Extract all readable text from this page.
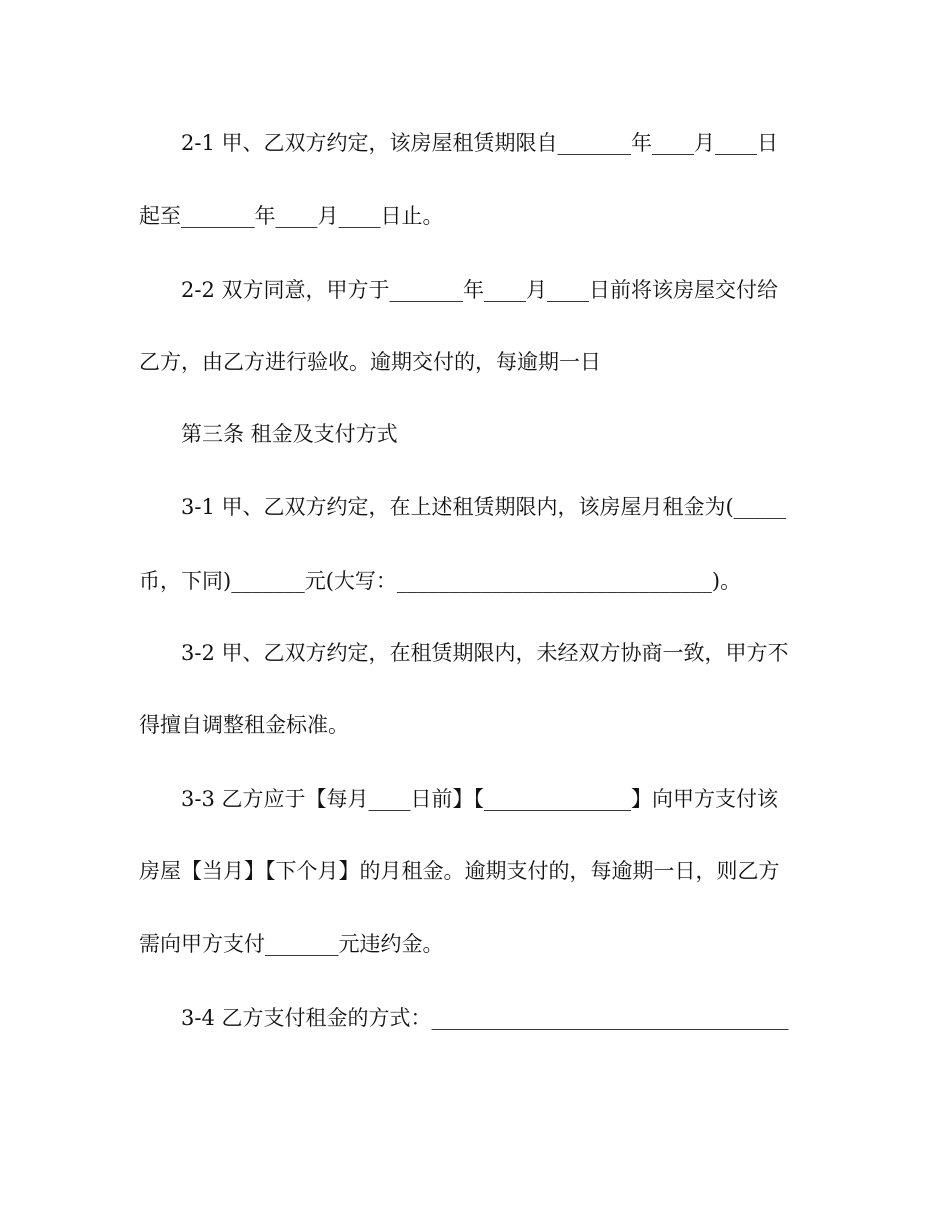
2-1 甲、乙双方约定，该房屋租赁期限自_______年____月____日
起至_______年____月____日止。
2-2 双方同意，甲方于_______年____月____日前将该房屋交付给
乙方，由乙方进行验收。逾期交付的，每逾期一日
第三条 租金及支付方式
3-1 甲、乙双方约定，在上述租赁期限内，该房屋月租金为(_____
币，下同)_______元(大写：______________________________)。
3-2 甲、乙双方约定，在租赁期限内，未经双方协商一致，甲方不
得擅自调整租金标准。
3-3 乙方应于【每月____日前】【______________】向甲方支付该
房屋【当月】【下个月】的月租金。逾期支付的，每逾期一日，则乙方
需向甲方支付_______元违约金。
3-4 乙方支付租金的方式：__________________________________
